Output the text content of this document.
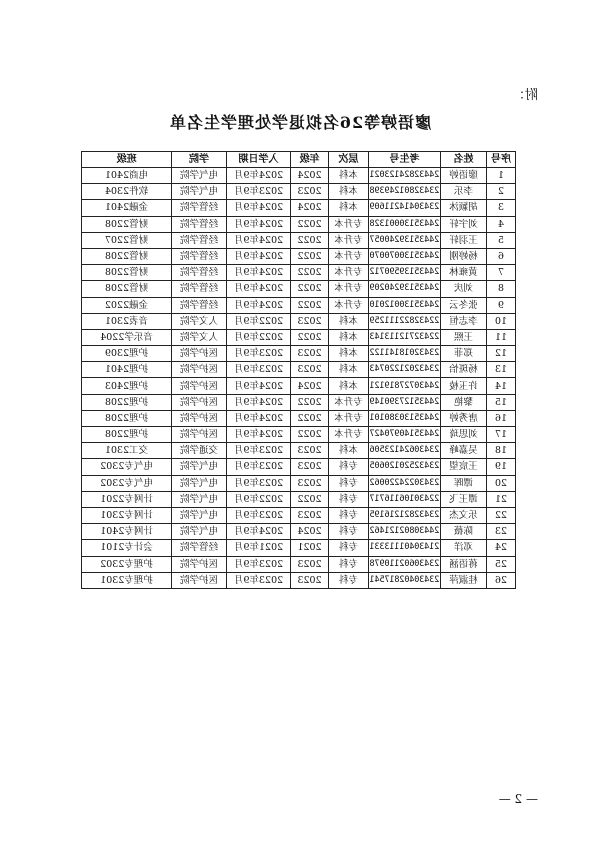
附：
廖语婷等26名拟退学处理学生名单
序号	姓名	考生号	层次	年级	入学日期	学院	班级
1	廖语婷	24432824123021	本科	2024	2024年9月	电气学院	电商2401
2	李乐	23432801249398	本科	2023	2023年9月	电气学院	软件2304
3	胡颖沐	23430414211609	本科	2024	2024年9月	经管学院	金融2401
4	刘宇轩	24435130001328	专升本	2022	2024年9月	经管学院	财管2208
5	王羽轩	24435139240057	专升本	2022	2024年9月	经管学院	财管2207
6	杨婷刚	24435130070070	专升本	2022	2024年9月	经管学院	财管2208
7	黄雍林	24435139590712	专升本	2022	2024年9月	经管学院	财管2208
8	刘庆	24435139240209	专升本	2022	2024年9月	经管学院	财管2208
9	张冬云	24435130012010	专升本	2022	2024年9月	经管学院	金融2202
10	李志恒	22432822111259	本科	2023	2022年9月	人文学院	音表2301
11	王熙	22432712113143	本科	2022	2022年9月	人文学院	音乐学2204
12	郑菲	23432018141122	本科	2023	2023年9月	医护学院	护理2309
13	杨斑怡	23432021220743	本科	2023	2023年9月	医护学院	护理2401
14	许玉棱	24430727819121	本科	2024	2024年9月	医护学院	护理2403
15	黎艳	24435127390149	专升本	2022	2024年9月	医护学院	护理2208
16	唐秀婷	24435130380101	专升本	2022	2024年9月	医护学院	护理2208
17	刘思琦	24435140970427	专升本	2022	2024年9月	医护学院	护理2208
18	吴嘉峰	23430624123506	本科	2023	2023年9月	交通学院	交工2301
19	王宸望	23432520120605	专科	2023	2023年9月	电气学院	电气专2302
20	谭晖	23430224220062	专科	2023	2023年9月	电气学院	电气专2302
21	谭王飞	22430106116717	专科	2022	2022年9月	电气学院	计网专2201
22	乐文杰	23432821216195	专科	2023	2023年9月	电气学院	计网专2301
23	陈薇	24430802121462	专科	2024	2024年9月	电气学院	计网专2401
24	邓洋	21430401113331	专科	2021	2021年9月	经管学院	会计专2101
25	蒋语涵	23430602110978	专科	2023	2023年9月	医护学院	护理专2302
26	桂淑萍	23430402817541	专科	2023	2023年9月	医护学院	护理专2301
— 2 —
